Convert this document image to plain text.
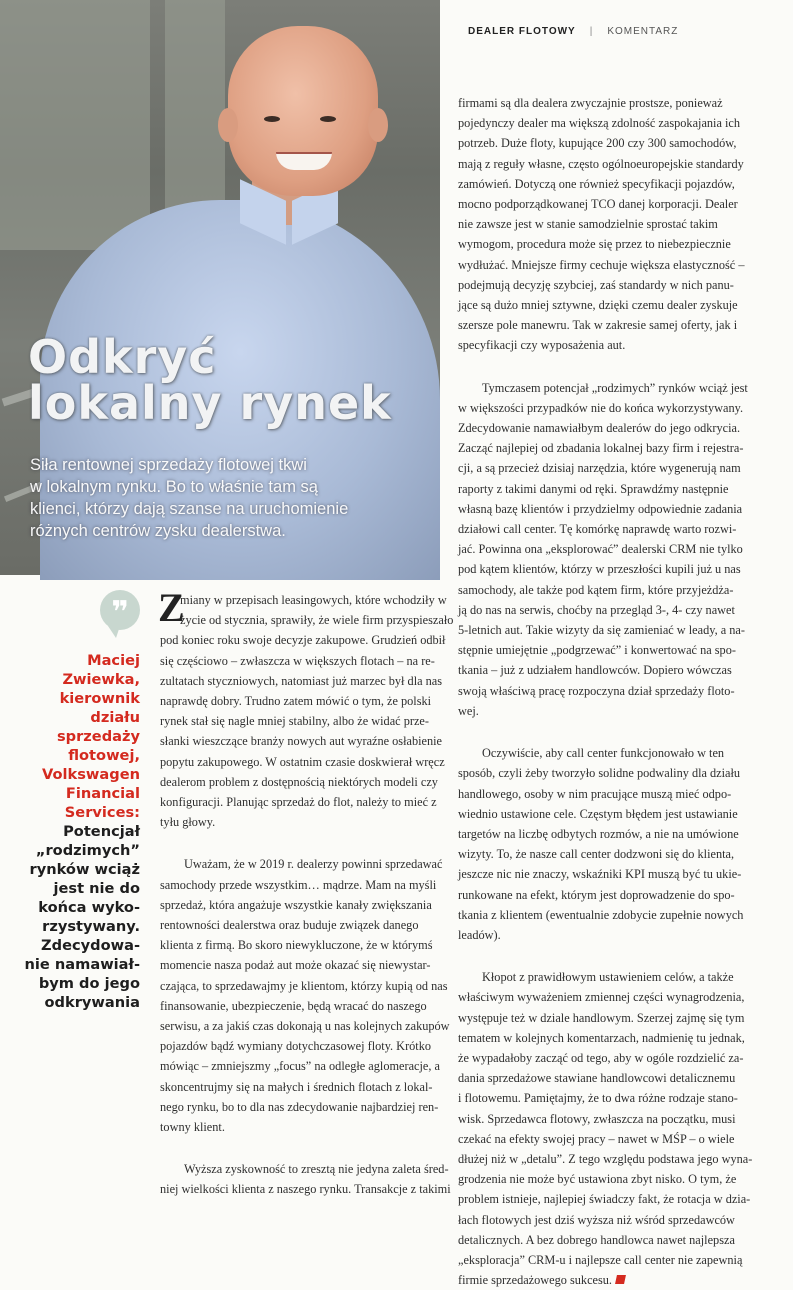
Odkryć
lokalny rynek
Siła rentownej sprzedaży flotowej tkwi
w lokalnym rynku. Bo to właśnie tam są
klienci, którzy dają szanse na uruchomienie
różnych centrów zysku dealerstwa.
DEALER FLOTOWY | KOMENTARZ
❞
Maciej
Zwiewka,
kierownik
działu
sprzedaży
flotowej,
Volkswagen
Financial
Services:
Potencjał
„rodzimych”
rynków wciąż
jest nie do
końca wyko-
rzystywany.
Zdecydowa-
nie namawiał-
bym do jego
odkrywania
Z
miany w przepisach leasingowych, które wchodziły w
życie od stycznia, sprawiły, że wiele firm przyspieszało
pod koniec roku swoje decyzje zakupowe. Grudzień odbił
się częściowo – zwłaszcza w większych flotach – na re-
zultatach styczniowych, natomiast już marzec był dla nas
naprawdę dobry. Trudno zatem mówić o tym, że polski
rynek stał się nagle mniej stabilny, albo że widać prze-
słanki wieszczące branży nowych aut wyraźne osłabienie
popytu zakupowego. W ostatnim czasie doskwierał wręcz
dealerom problem z dostępnością niektórych modeli czy
konfiguracji. Planując sprzedaż do flot, należy to mieć z
tyłu głowy.
Uważam, że w 2019 r. dealerzy powinni sprzedawać
samochody przede wszystkim… mądrze. Mam na myśli
sprzedaż, która angażuje wszystkie kanały zwiększania
rentowności dealerstwa oraz buduje związek danego
klienta z firmą. Bo skoro niewykluczone, że w którymś
momencie nasza podaż aut może okazać się niewystar-
czająca, to sprzedawajmy je klientom, którzy kupią od nas
finansowanie, ubezpieczenie, będą wracać do naszego
serwisu, a za jakiś czas dokonają u nas kolejnych zakupów
pojazdów bądź wymiany dotychczasowej floty. Krótko
mówiąc – zmniejszmy „focus” na odległe aglomeracje, a
skoncentrujmy się na małych i średnich flotach z lokal-
nego rynku, bo to dla nas zdecydowanie najbardziej ren-
towny klient.
Wyższa zyskowność to zresztą nie jedyna zaleta śred-
niej wielkości klienta z naszego rynku. Transakcje z takimi
firmami są dla dealera zwyczajnie prostsze, ponieważ
pojedynczy dealer ma większą zdolność zaspokajania ich
potrzeb. Duże floty, kupujące 200 czy 300 samochodów,
mają z reguły własne, często ogólnoeuropejskie standardy
zamówień. Dotyczą one również specyfikacji pojazdów,
mocno podporządkowanej TCO danej korporacji. Dealer
nie zawsze jest w stanie samodzielnie sprostać takim
wymogom, procedura może się przez to niebezpiecznie
wydłużać. Mniejsze firmy cechuje większa elastyczność –
podejmują decyzję szybciej, zaś standardy w nich panu-
jące są dużo mniej sztywne, dzięki czemu dealer zyskuje
szersze pole manewru. Tak w zakresie samej oferty, jak i
specyfikacji czy wyposażenia aut.
Tymczasem potencjał „rodzimych” rynków wciąż jest
w większości przypadków nie do końca wykorzystywany.
Zdecydowanie namawiałbym dealerów do jego odkrycia.
Zacząć najlepiej od zbadania lokalnej bazy firm i rejestra-
cji, a są przecież dzisiaj narzędzia, które wygenerują nam
raporty z takimi danymi od ręki. Sprawdźmy następnie
własną bazę klientów i przydzielmy odpowiednie zadania
działowi call center. Tę komórkę naprawdę warto rozwi-
jać. Powinna ona „eksplorować” dealerski CRM nie tylko
pod kątem klientów, którzy w przeszłości kupili już u nas
samochody, ale także pod kątem firm, które przyjeżdża-
ją do nas na serwis, choćby na przegląd 3-, 4- czy nawet
5-letnich aut. Takie wizyty da się zamieniać w leady, a na-
stępnie umiejętnie „podgrzewać” i konwertować na spo-
tkania – już z udziałem handlowców. Dopiero wówczas
swoją właściwą pracę rozpoczyna dział sprzedaży floto-
wej.
Oczywiście, aby call center funkcjonowało w ten
sposób, czyli żeby tworzyło solidne podwaliny dla działu
handlowego, osoby w nim pracujące muszą mieć odpo-
wiednio ustawione cele. Częstym błędem jest ustawianie
targetów na liczbę odbytych rozmów, a nie na umówione
wizyty. To, że nasze call center dodzwoni się do klienta,
jeszcze nic nie znaczy, wskaźniki KPI muszą być tu ukie-
runkowane na efekt, którym jest doprowadzenie do spo-
tkania z klientem (ewentualnie zdobycie zupełnie nowych
leadów).
Kłopot z prawidłowym ustawieniem celów, a także
właściwym wyważeniem zmiennej części wynagrodzenia,
występuje też w dziale handlowym. Szerzej zajmę się tym
tematem w kolejnych komentarzach, nadmienię tu jednak,
że wypadałoby zacząć od tego, aby w ogóle rozdzielić za-
dania sprzedażowe stawiane handlowcowi detalicznemu
i flotowemu. Pamiętajmy, że to dwa różne rodzaje stano-
wisk. Sprzedawca flotowy, zwłaszcza na początku, musi
czekać na efekty swojej pracy – nawet w MŚP – o wiele
dłużej niż w „detalu”. Z tego względu podstawa jego wyna-
grodzenia nie może być ustawiona zbyt nisko. O tym, że
problem istnieje, najlepiej świadczy fakt, że rotacja w dzia-
łach flotowych jest dziś wyższa niż wśród sprzedawców
detalicznych. A bez dobrego handlowca nawet najlepsza
„eksploracja” CRM-u i najlepsze call center nie zapewnią
firmie sprzedażowego sukcesu.
